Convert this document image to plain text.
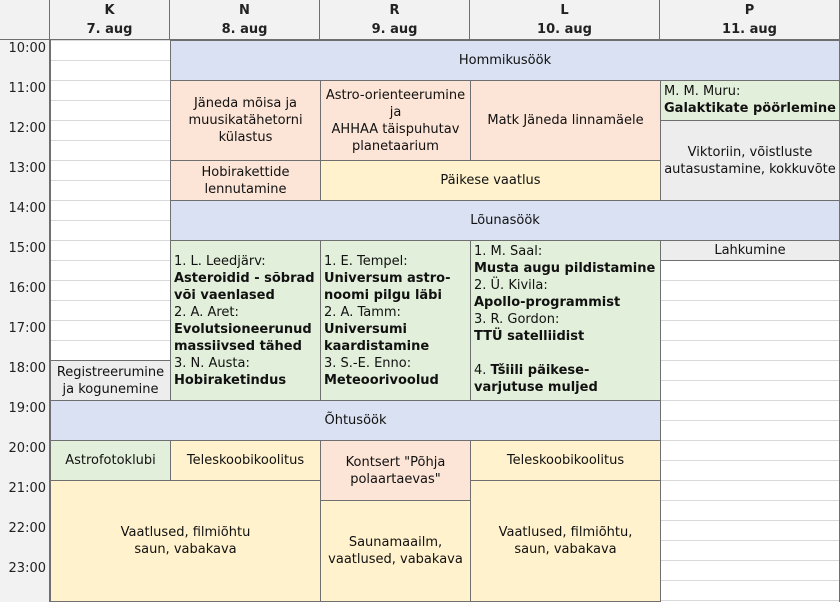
K
7. aug
N
8. aug
R
9. aug
L
10. aug
P
11. aug
10:00
11:00
12:00
13:00
14:00
15:00
16:00
17:00
18:00
19:00
20:00
21:00
22:00
23:00
Hommikusöök
Jäneda mõisa ja
muusikatähetorni
külastus
Astro-orienteerumine
ja
AHHAA täispuhutav
planetaarium
Matk Jäneda linnamäele
M. M. Muru:
Galaktikate pöörlemine
Viktoriin, võistluste
autasustamine, kokkuvõte
Hobirakettide
lennutamine
Päikese vaatlus
Lõunasöök
1. L. Leedjärv:
Asteroidid - sõbrad
või vaenlased
2. A. Aret:
Evolutsioneerunud
massiivsed tähed
3. N. Austa:
Hobiraketindus
1. E. Tempel:
Universum astro-
noomi pilgu läbi
2. A. Tamm:
Universumi
kaardistamine
3. S.-E. Enno:
Meteoorivoolud
1. M. Saal:
Musta augu pildistamine
2. Ü. Kivila:
Apollo-programmist
3. R. Gordon:
TTÜ satelliidist
4. Tšiili päikese-
varjutuse muljed
Lahkumine
Registreerumine
ja kogunemine
Õhtusöök
Astrofotoklubi Teleskoobikoolitus	Kontsert "Põhja
polaartaevas"
Teleskoobikoolitus
Vaatlused, filmiõhtu
saun, vabakava	Saunamaailm,
vaatlused, vabakava
Vaatlused, filmiõhtu,
saun, vabakava
